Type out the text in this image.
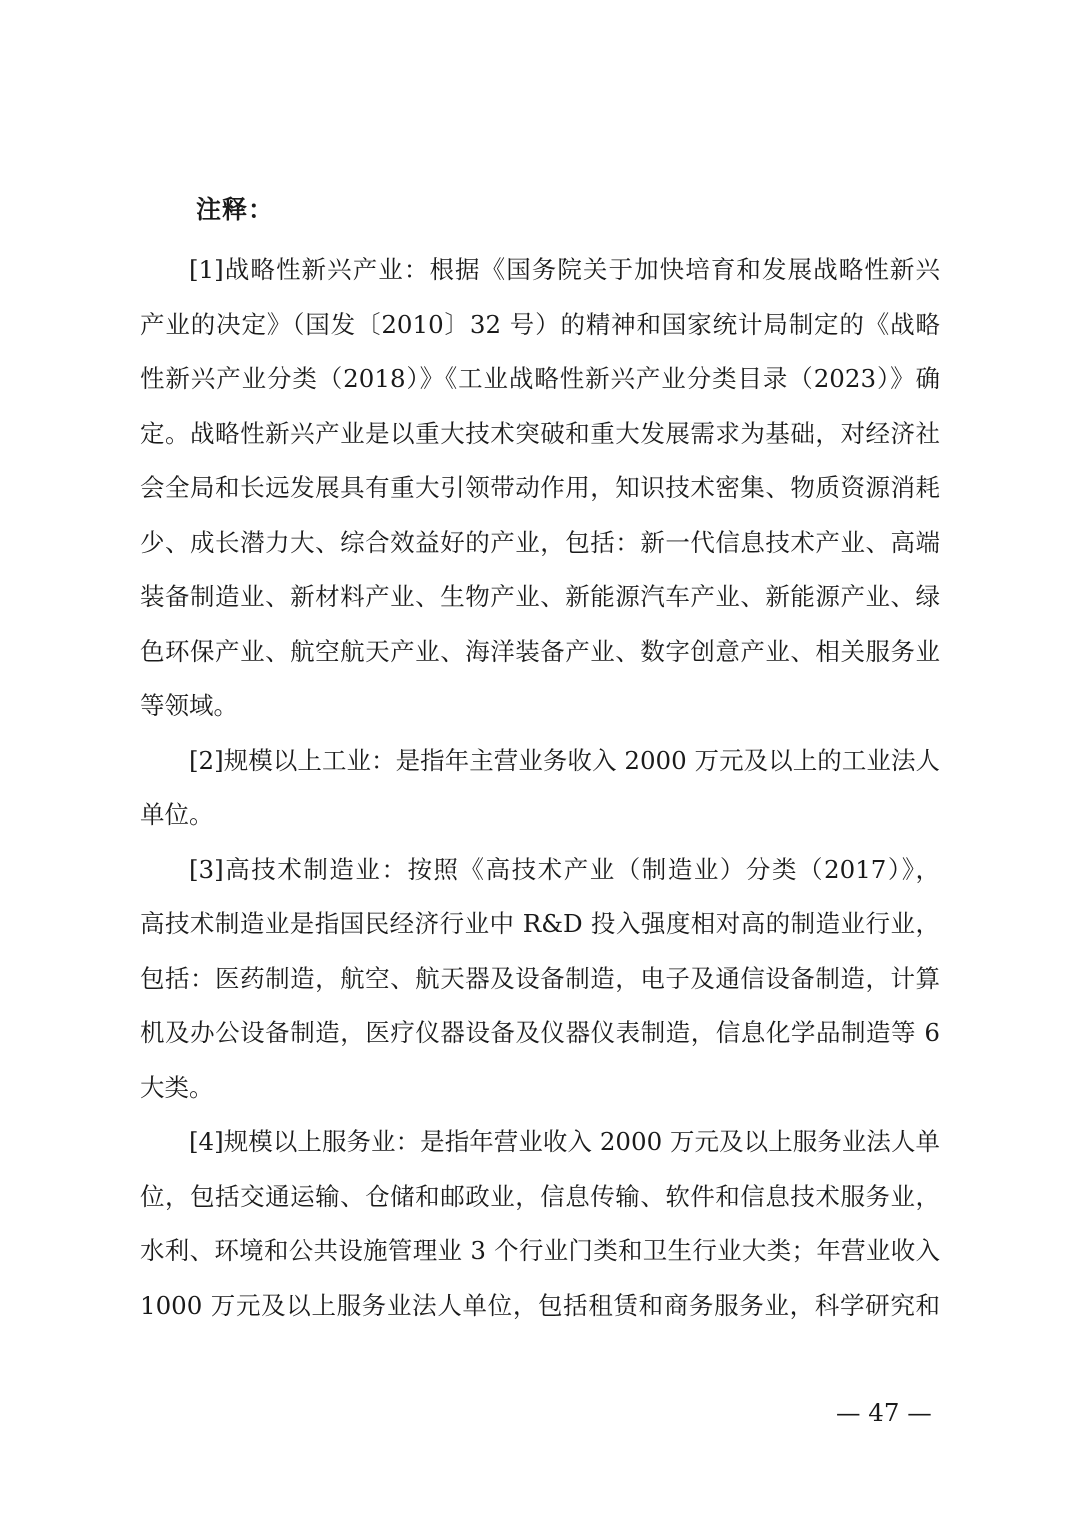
注释：
[1]战略性新兴产业：根据《国务院关于加快培育和发展战略性新兴
产业的决定》（国发〔2010〕32 号）的精神和国家统计局制定的《战略
性新兴产业分类（2018）》《工业战略性新兴产业分类目录（2023）》确
定。战略性新兴产业是以重大技术突破和重大发展需求为基础，对经济社
会全局和长远发展具有重大引领带动作用，知识技术密集、物质资源消耗
少、成长潜力大、综合效益好的产业，包括：新一代信息技术产业、高端
装备制造业、新材料产业、生物产业、新能源汽车产业、新能源产业、绿
色环保产业、航空航天产业、海洋装备产业、数字创意产业、相关服务业
等领域。
[2]规模以上工业：是指年主营业务收入 2000 万元及以上的工业法人
单位。
[3]高技术制造业：按照《高技术产业（制造业）分类（2017）》，
高技术制造业是指国民经济行业中 R&D 投入强度相对高的制造业行业，
包括：医药制造，航空、航天器及设备制造，电子及通信设备制造，计算
机及办公设备制造，医疗仪器设备及仪器仪表制造，信息化学品制造等 6
大类。
[4]规模以上服务业：是指年营业收入 2000 万元及以上服务业法人单
位，包括交通运输、仓储和邮政业，信息传输、软件和信息技术服务业，
水利、环境和公共设施管理业 3 个行业门类和卫生行业大类；年营业收入
1000 万元及以上服务业法人单位，包括租赁和商务服务业，科学研究和
— 47 —
